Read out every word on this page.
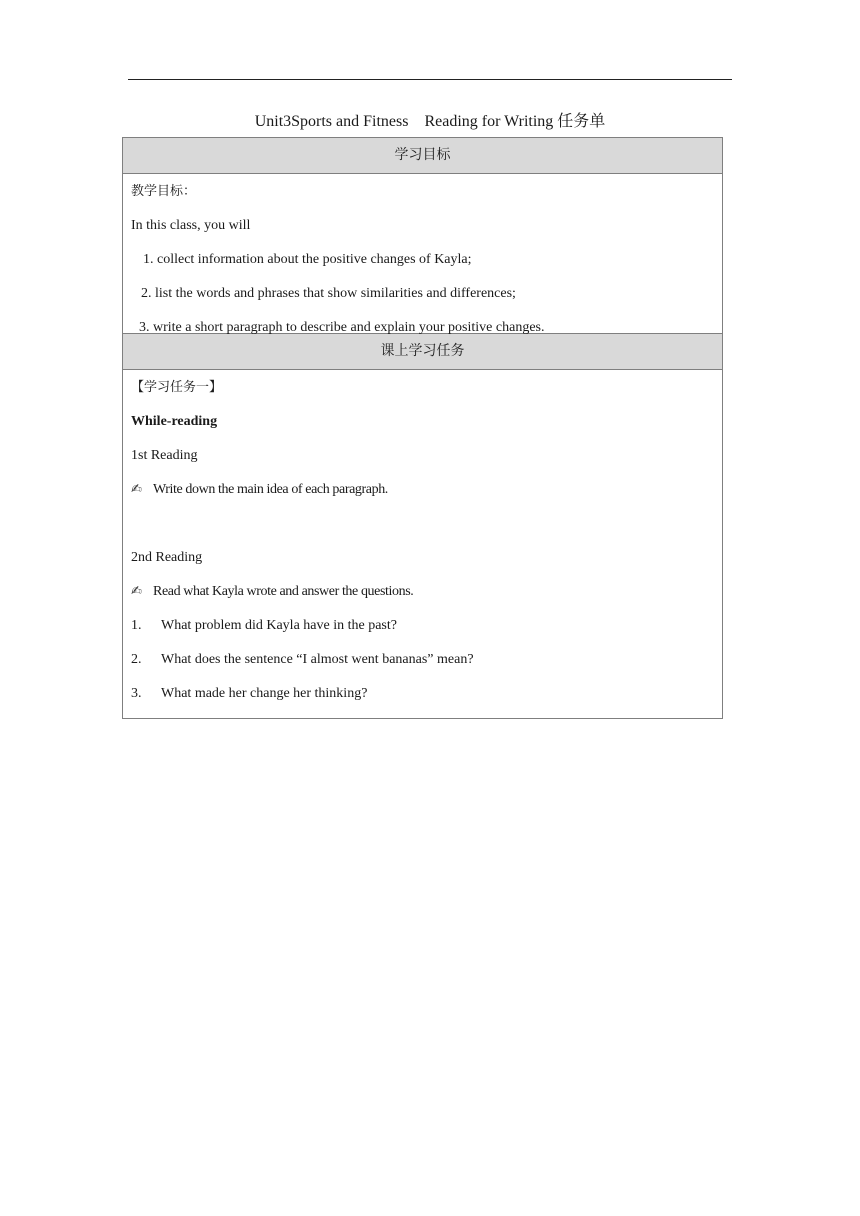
Unit3Sports and Fitness    Reading for Writing 任务单
学习目标
教学目标：
In this class, you will
1. collect information about the positive changes of Kayla;
2. list the words and phrases that show similarities and differences;
3. write a short paragraph to describe and explain your positive changes.
课上学习任务
【学习任务一】
While-reading
1st Reading
✍ Write down the main idea of each paragraph.
2nd Reading
✍ Read what Kayla wrote and answer the questions.
1. What problem did Kayla have in the past?
2. What does the sentence “I almost went bananas” mean?
3. What made her change her thinking?
